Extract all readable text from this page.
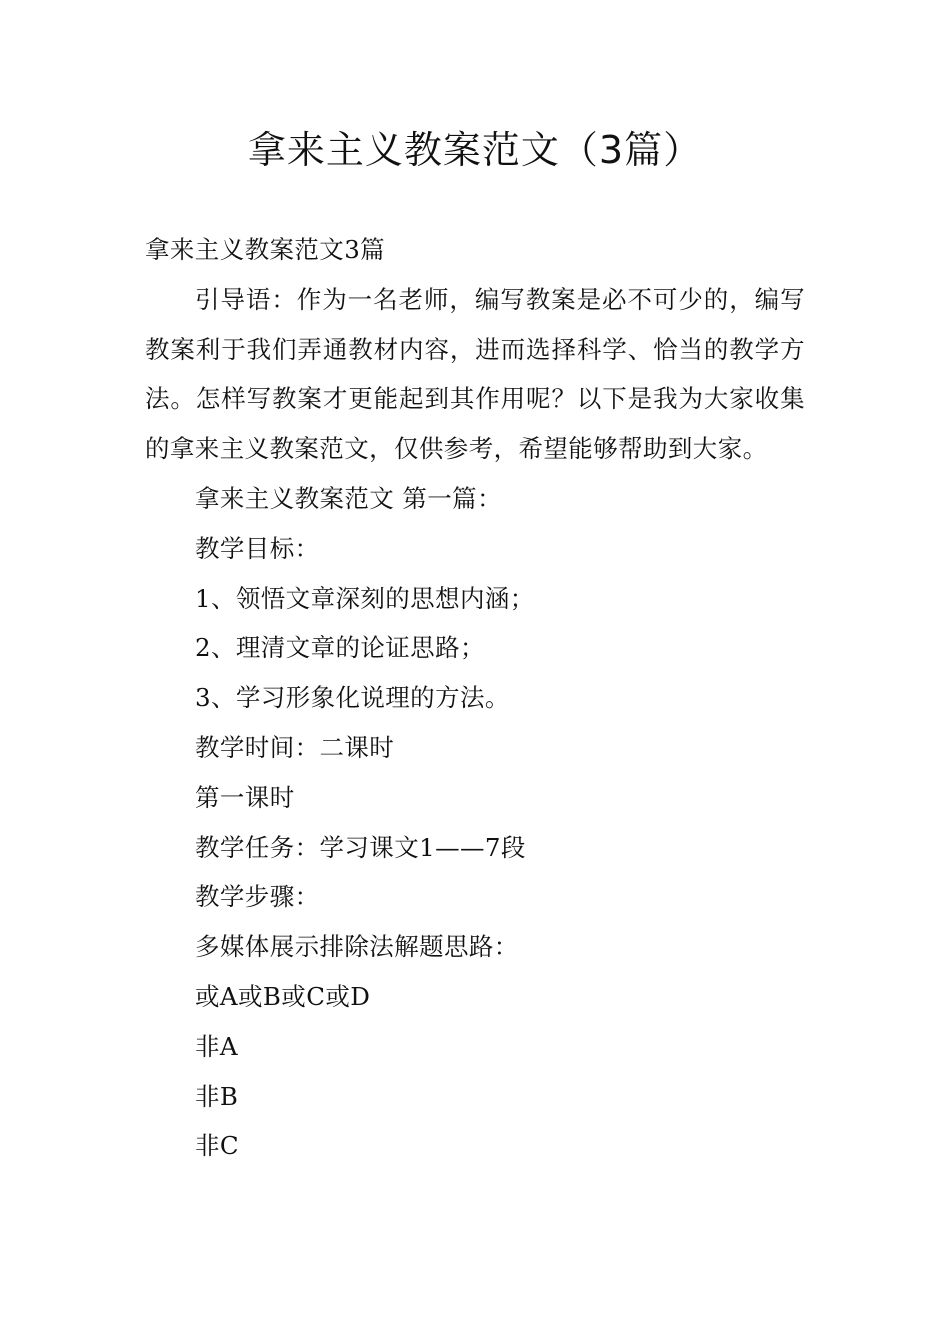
拿来主义教案范文（3篇）

拿来主义教案范文3篇

引导语：作为一名老师，编写教案是必不可少的，编写教案利于我们弄通教材内容，进而选择科学、恰当的教学方法。怎样写教案才更能起到其作用呢？以下是我为大家收集的拿来主义教案范文，仅供参考，希望能够帮助到大家。

拿来主义教案范文 第一篇：

教学目标：

1、领悟文章深刻的思想内涵；

2、理清文章的论证思路；

3、学习形象化说理的方法。

教学时间：二课时

第一课时

教学任务：学习课文1——7段

教学步骤：

多媒体展示排除法解题思路：

或A或B或C或D

非A

非B

非C
